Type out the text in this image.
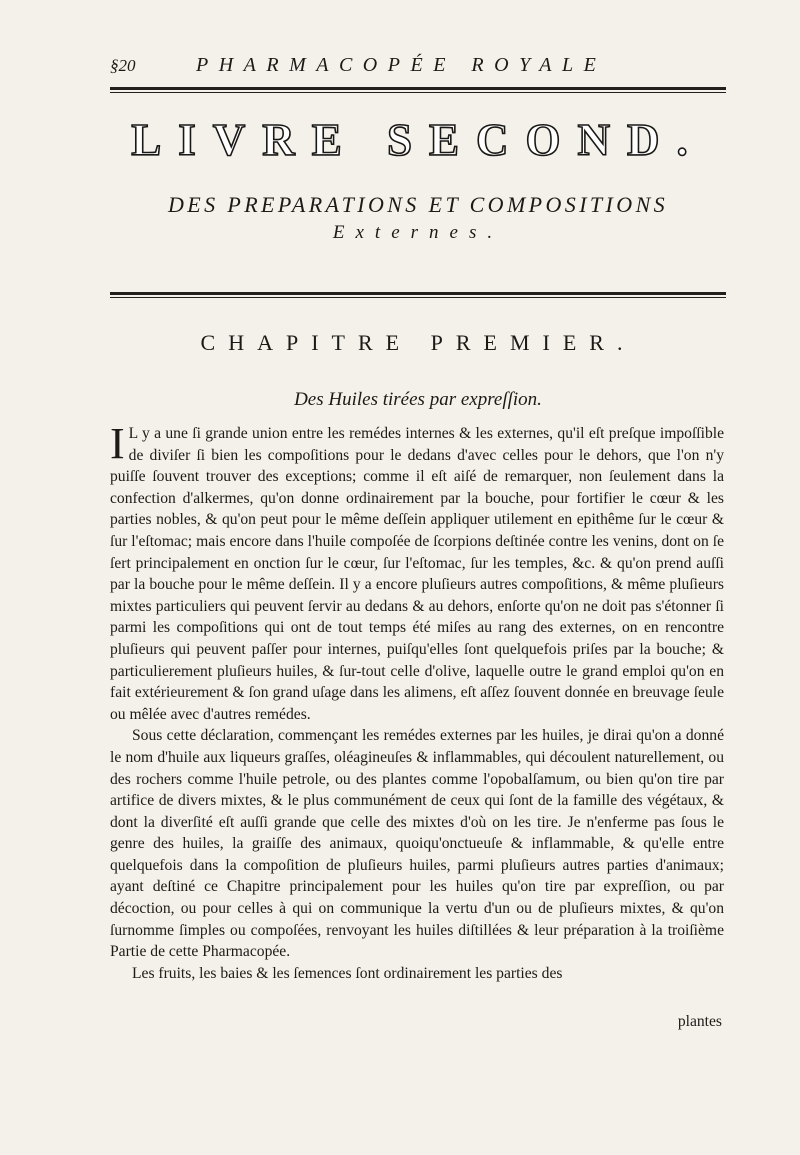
§20	PHARMACOPÉE ROYALE
LIVRE SECOND.
DES PREPARATIONS ET COMPOSITIONS
Externes.
CHAPITRE PREMIER.
Des Huiles tirées par expreſſion.

I L y a une ſi grande union entre les remédes internes & les externes, qu'il eſt preſque impoſſible de diviſer ſi bien les compoſitions pour le dedans d'avec celles pour le dehors, que l'on n'y puiſſe ſouvent trouver des exceptions; comme il eſt aiſé de remarquer, non ſeulement dans la confection d'alkermes, qu'on donne ordinairement par la bouche, pour fortifier le cœur & les parties nobles, & qu'on peut pour le même deſſein appliquer utilement en epithême ſur le cœur & ſur l'eſtomac; mais encore dans l'huile compoſée de ſcorpions deſtinée contre les venins, dont on ſe ſert principalement en onction ſur le cœur, ſur l'eſtomac, ſur les temples, &c. & qu'on prend auſſi par la bouche pour le même deſſein. Il y a encore pluſieurs autres compoſitions, & même pluſieurs mixtes particuliers qui peuvent ſervir au dedans & au dehors, enſorte qu'on ne doit pas s'étonner ſi parmi les compoſitions qui ont de tout temps été miſes au rang des externes, on en rencontre pluſieurs qui peuvent paſſer pour internes, puiſqu'elles ſont quelquefois priſes par la bouche; & particulierement pluſieurs huiles, & ſur-tout celle d'olive, laquelle outre le grand emploi qu'on en fait extérieurement & ſon grand uſage dans les alimens, eſt aſſez ſouvent donnée en breuvage ſeule ou mêlée avec d'autres remédes.

Sous cette déclaration, commençant les remédes externes par les huiles, je dirai qu'on a donné le nom d'huile aux liqueurs graſſes, oléagineuſes & inflammables, qui découlent naturellement, ou des rochers comme l'huile petrole, ou des plantes comme l'opobalſamum, ou bien qu'on tire par artifice de divers mixtes, & le plus communément de ceux qui ſont de la famille des végétaux, & dont la diverſité eſt auſſi grande que celle des mixtes d'où on les tire. Je n'enferme pas ſous le genre des huiles, la graiſſe des animaux, quoiqu'onctueuſe & inflammable, & qu'elle entre quelquefois dans la compoſition de pluſieurs huiles, parmi pluſieurs autres parties d'animaux; ayant deſtiné ce Chapitre principalement pour les huiles qu'on tire par expreſſion, ou par décoction, ou pour celles à qui on communique la vertu d'un ou de pluſieurs mixtes, & qu'on ſurnomme ſimples ou compoſées, renvoyant les huiles diſtillées & leur préparation à la troiſième Partie de cette Pharmacopée.

Les fruits, les baies & les ſemences ſont ordinairement les parties des

plantes
